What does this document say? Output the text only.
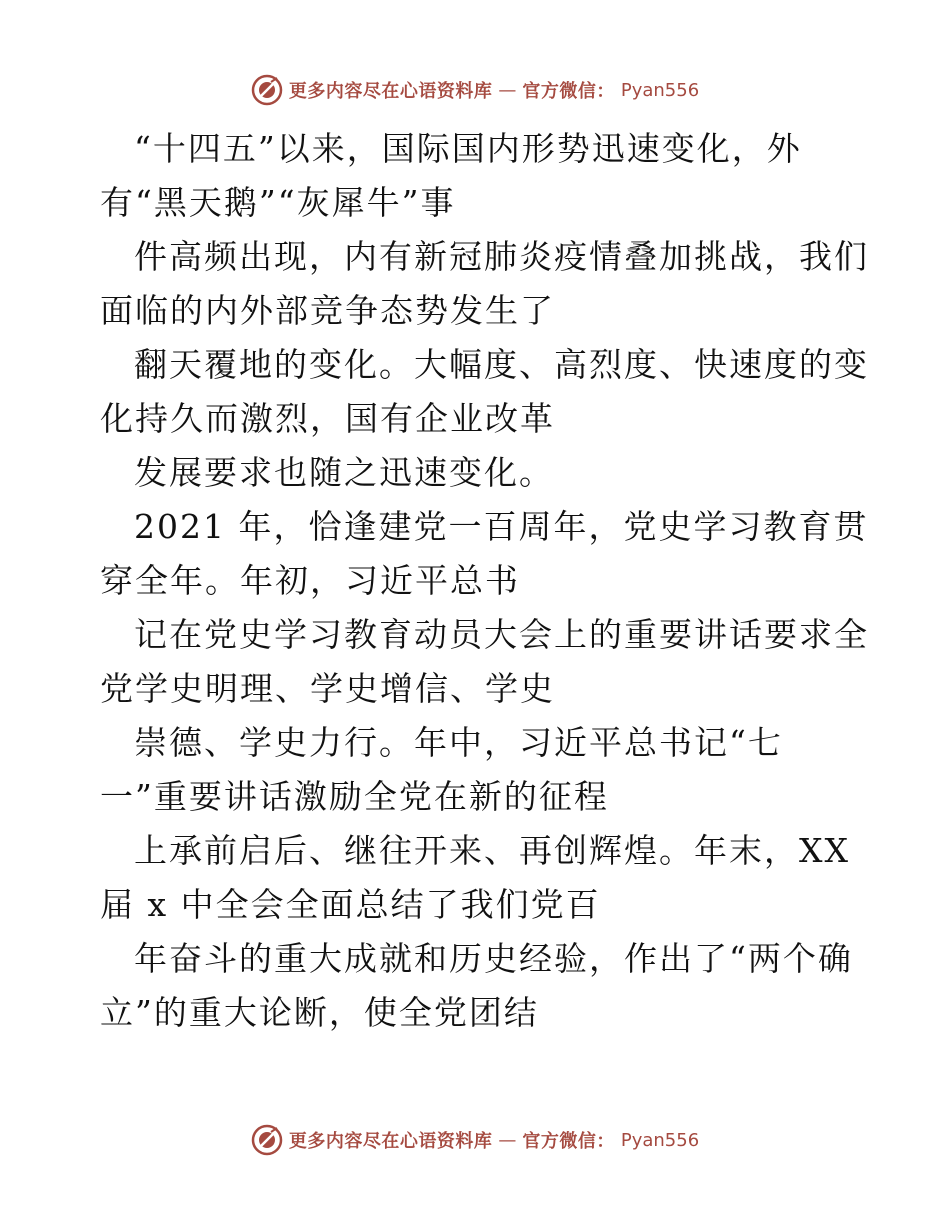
更多内容尽在心语资料库 — 官方微信： Pyan556
“十四五”以来，国际国内形势迅速变化，外
有“黑天鹅”“灰犀牛”事
件高频出现，内有新冠肺炎疫情叠加挑战，我们
面临的内外部竞争态势发生了
翻天覆地的变化。大幅度、高烈度、快速度的变
化持久而激烈，国有企业改革
发展要求也随之迅速变化。
2021 年，恰逢建党一百周年，党史学习教育贯
穿全年。年初，习近平总书
记在党史学习教育动员大会上的重要讲话要求全
党学史明理、学史增信、学史
崇德、学史力行。年中，习近平总书记“七
一”重要讲话激励全党在新的征程
上承前启后、继往开来、再创辉煌。年末，XX
届 x 中全会全面总结了我们党百
年奋斗的重大成就和历史经验，作出了“两个确
立”的重大论断，使全党团结
更多内容尽在心语资料库 — 官方微信： Pyan556
